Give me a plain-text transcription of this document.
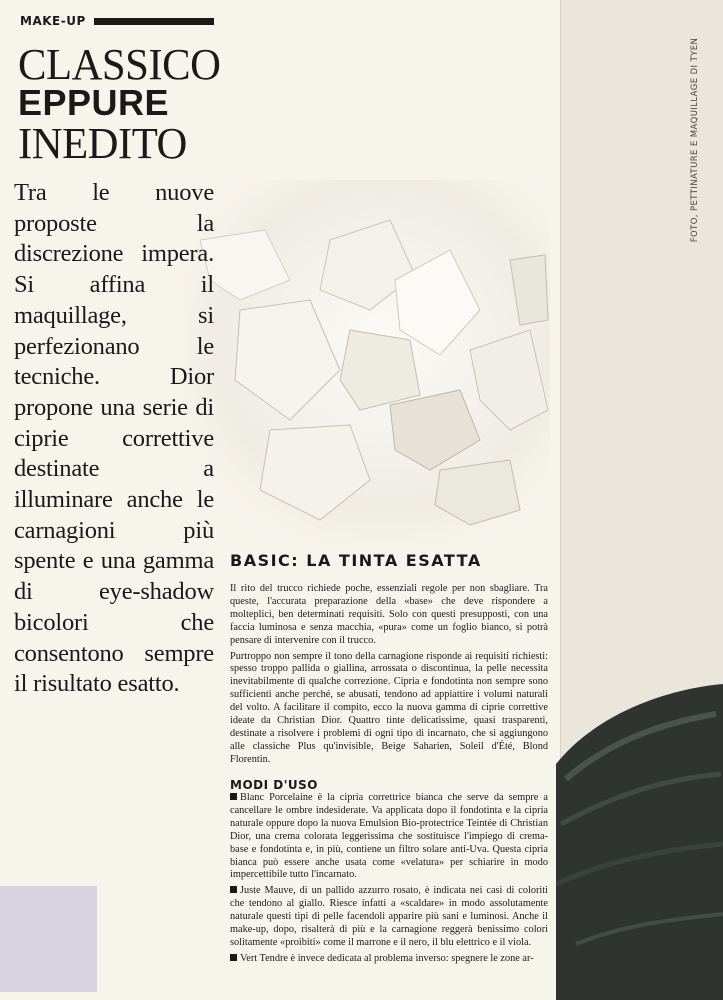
FOTO, PETTINATURE E MAQUILLAGE DI TYEN
MAKE-UP
CLASSICO
EPPURE
INEDITO
Tra le nuove proposte la discrezione impera. Si affina il maquillage, si perfezionano le tecniche. Dior propone una serie di ciprie correttive destinate a illuminare anche le carnagioni più spente e una gamma di eye-shadow bicolori che consentono sempre il risultato esatto.
BASIC: LA TINTA ESATTA

Il rito del trucco richiede poche, essenziali regole per non sbagliare. Tra queste, l'accurata preparazione della «base» che deve rispondere a molteplici, ben determinati requisiti. Solo con questi presupposti, con una faccia luminosa e senza macchia, «pura» come un foglio bianco, si potrà pensare di intervenire con il trucco.

Purtroppo non sempre il tono della carnagione risponde ai requisiti richiesti: spesso troppo pallida o giallina, arrossata o discontinua, la pelle necessita inevitabilmente di qualche correzione. Cipria e fondotinta non sempre sono sufficienti anche perché, se abusati, tendono ad appiattire i volumi naturali del volto. A facilitare il compito, ecco la nuova gamma di ciprie correttive ideate da Christian Dior. Quattro tinte delicatissime, quasi trasparenti, destinate a risolvere i problemi di ogni tipo di incarnato, che si aggiungono alle classiche Plus qu'invisible, Beige Saharien, Soleil d'Été, Blond Florentin.

MODI D'USO

Blanc Porcelaine è la cipria correttrice bianca che serve da sempre a cancellare le ombre indesiderate. Va applicata dopo il fondotinta e la cipria naturale oppure dopo la nuova Emulsion Bio-protectrice Teintée di Christian Dior, una crema colorata leggerissima che sostituisce l'impiego di crema-base e fondotinta e, in più, contiene un filtro solare anti-Uva. Questa cipria bianca può essere anche usata come «velatura» per schiarire in modo impercettibile tutto l'incarnato.

Juste Mauve, di un pallido azzurro rosato, è indicata nei casi di coloriti che tendono al giallo. Riesce infatti a «scaldare» in modo assolutamente naturale questi tipi di pelle facendoli apparire più sani e luminosi. Anche il make-up, dopo, risalterà di più e la carnagione reggerà benissimo colori solitamente «proibiti» come il marrone e il nero, il blu elettrico e il viola.

Vert Tendre è invece dedicata al problema inverso: spegnere le zone ar-
